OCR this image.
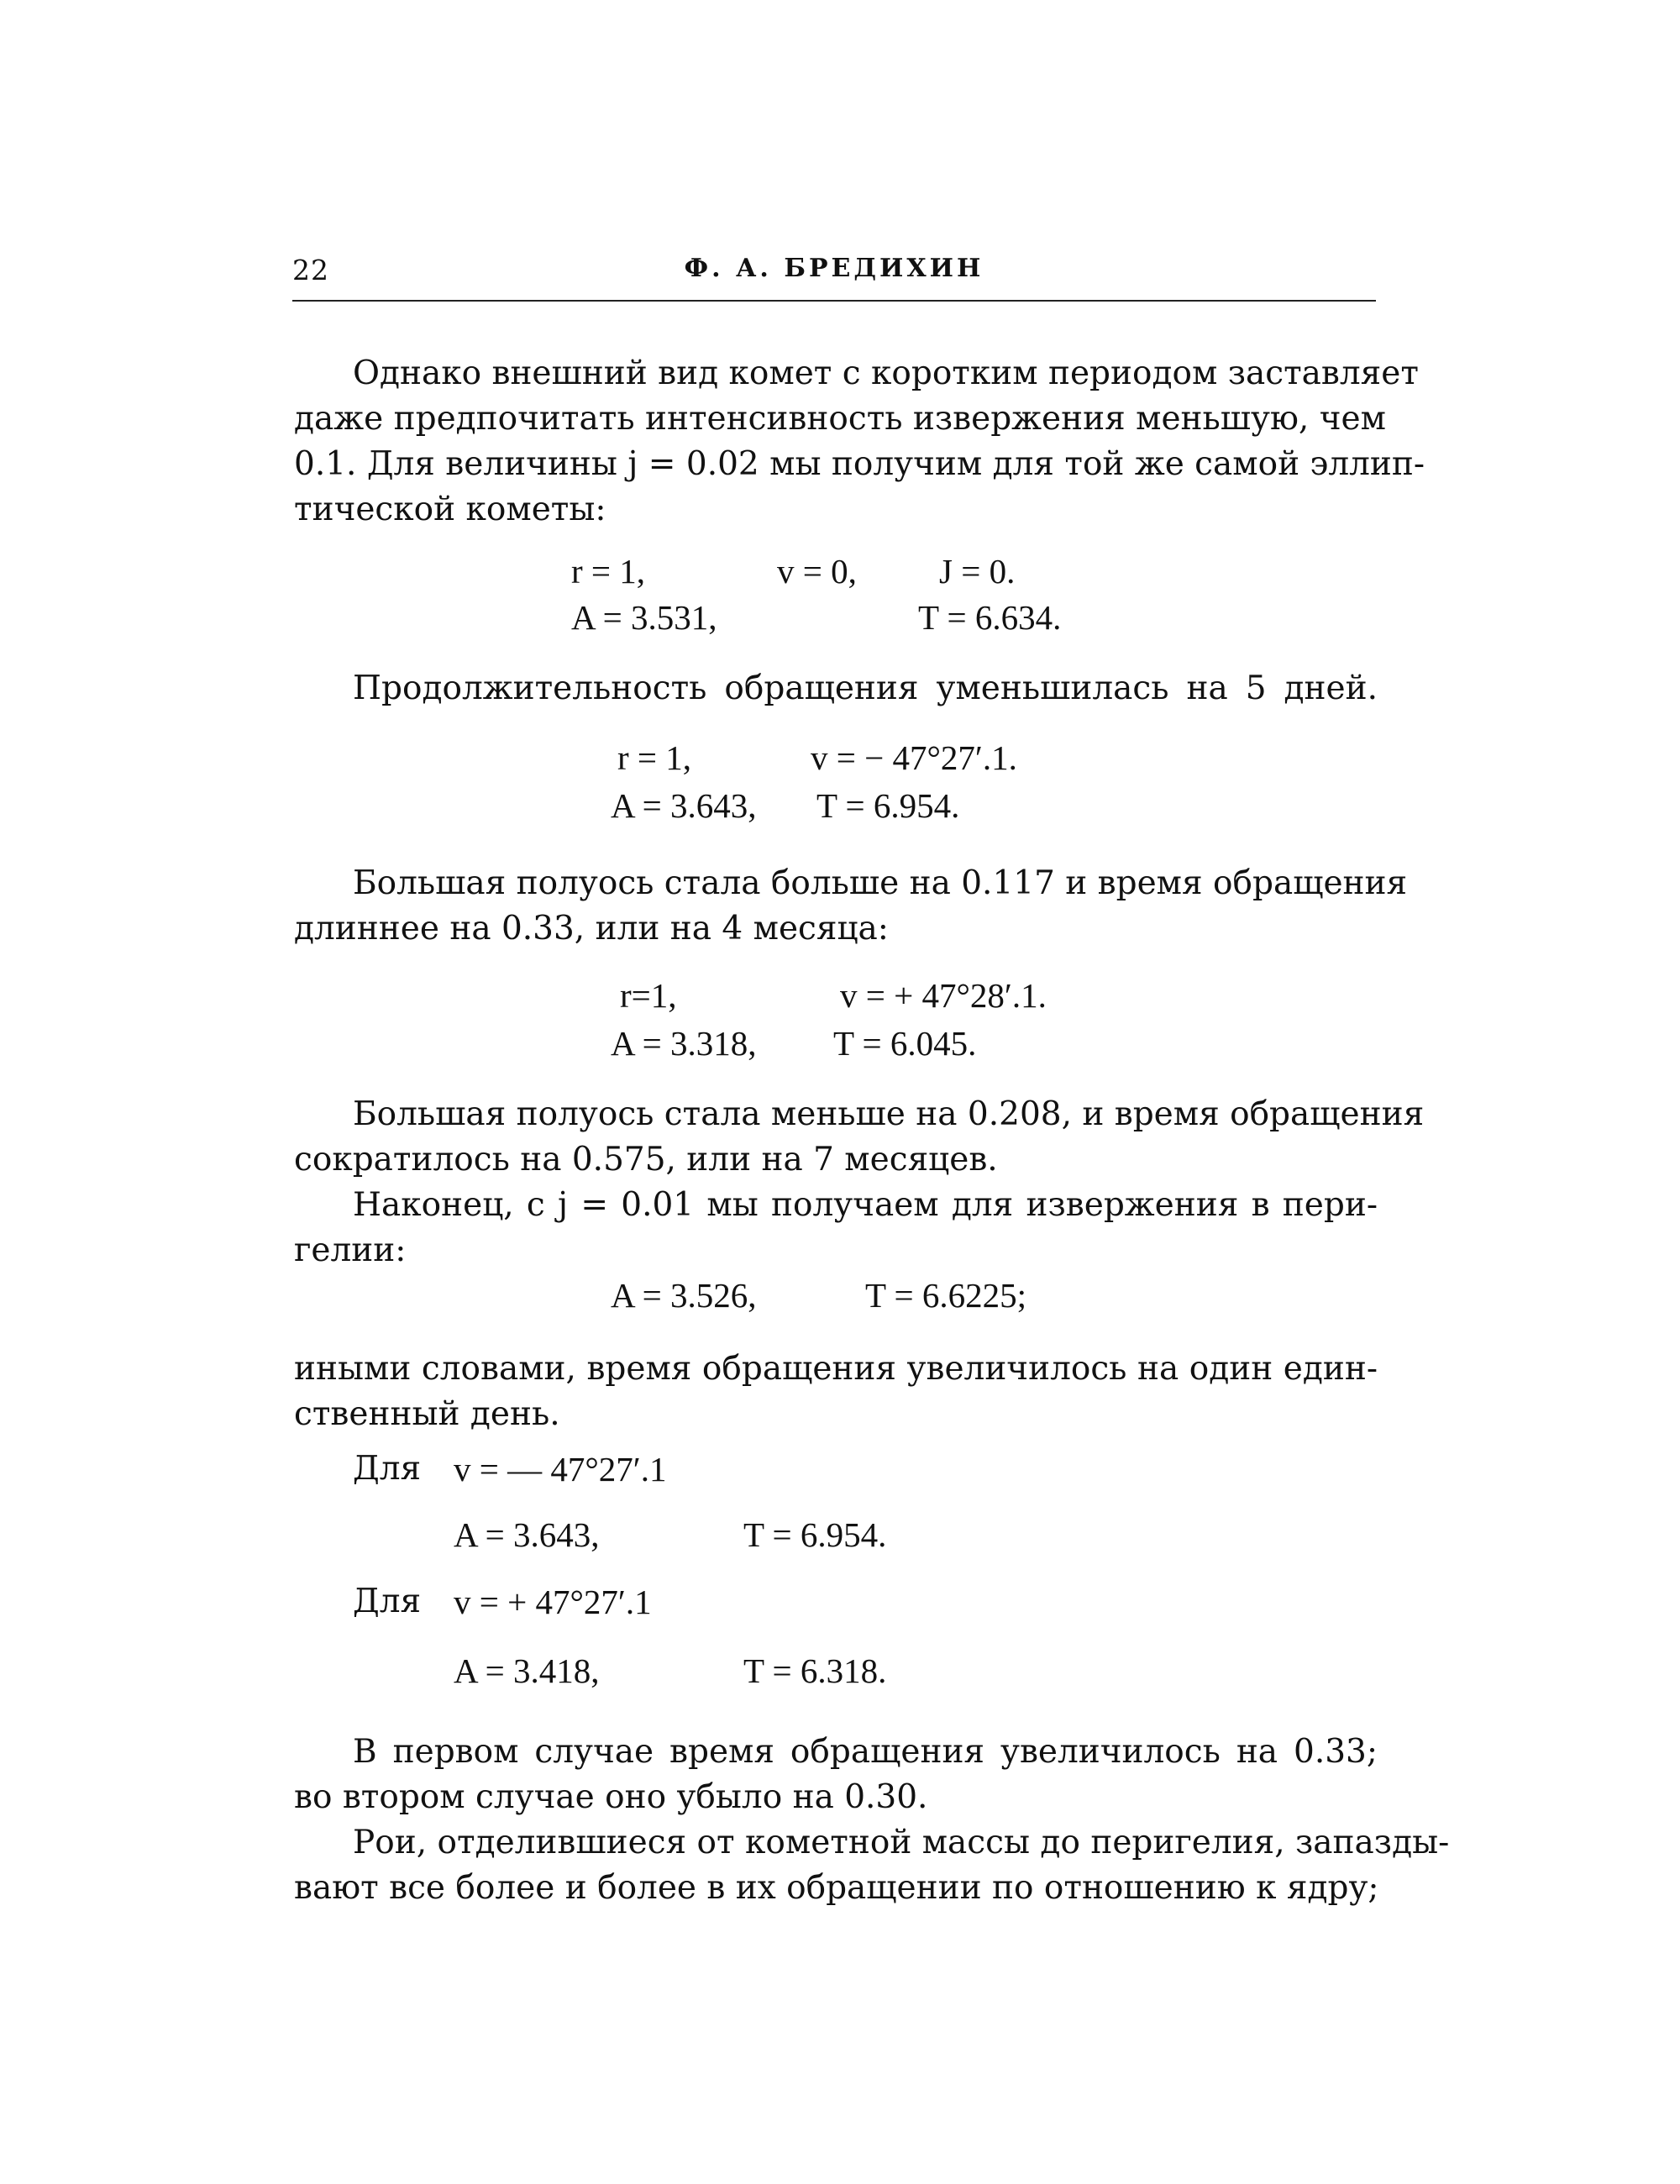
22	Ф. А. БРЕДИХИН
Однако внешний вид комет с коротким периодом заставляет
даже предпочитать интенсивность извержения меньшую, чем
0.1. Для величины j = 0.02 мы получим для той же самой эллип-
тической кометы:
r = 1,	v = 0, J = 0.
A = 3.531,	T = 6.634.
Продолжительность обращения уменьшилась на 5 дней.
r = 1,	v = − 47°27′.1.
A = 3.643, T = 6.954.
Большая полуось стала больше на 0.117 и время обращения
длиннее на 0.33, или на 4 месяца:
r=1,	v = + 47°28′.1.
A = 3.318, T = 6.045.
Большая полуось стала меньше на 0.208, и время обращения
сократилось на 0.575, или на 7 месяцев.
Наконец, с j = 0.01 мы получаем для извержения в пери-
гелии:
A = 3.526,	T = 6.6225;
иными словами, время обращения увеличилось на один един-
ственный день.
Для v = — 47°27′.1
A = 3.643,	T = 6.954.
Для v = + 47°27′.1
A = 3.418,	T = 6.318.
В первом случае время обращения увеличилось на 0.33;
во втором случае оно убыло на 0.30.
Рои, отделившиеся от кометной массы до перигелия, запазды-
вают все более и более в их обращении по отношению к ядру;
